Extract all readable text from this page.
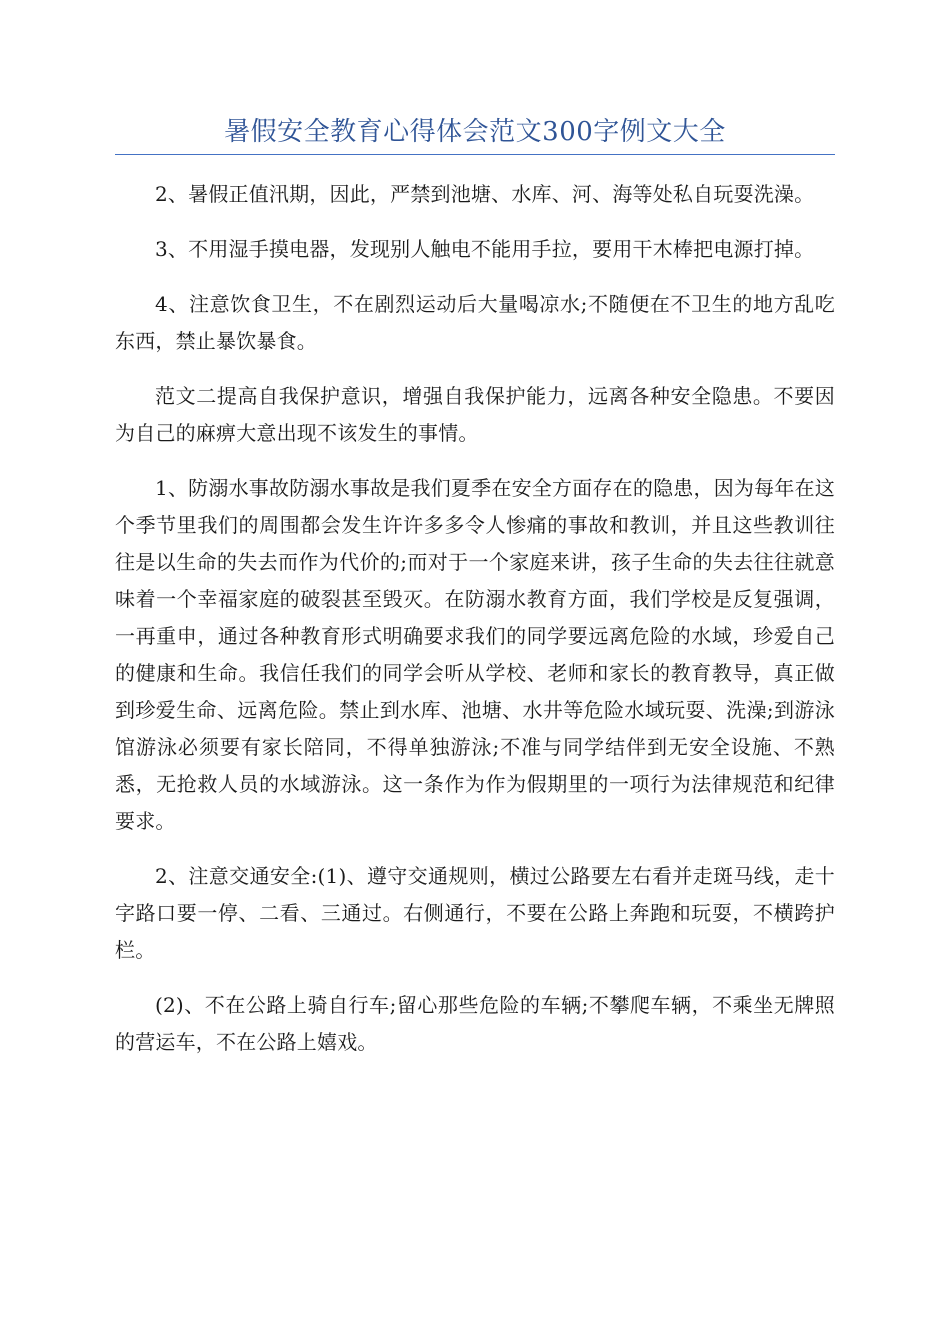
暑假安全教育心得体会范文300字例文大全

2、暑假正值汛期，因此，严禁到池塘、水库、河、海等处私自玩耍洗澡。

3、不用湿手摸电器，发现别人触电不能用手拉，要用干木棒把电源打掉。

4、注意饮食卫生，不在剧烈运动后大量喝凉水;不随便在不卫生的地方乱吃东西，禁止暴饮暴食。

范文二提高自我保护意识，增强自我保护能力，远离各种安全隐患。不要因为自己的麻痹大意出现不该发生的事情。

1、防溺水事故防溺水事故是我们夏季在安全方面存在的隐患，因为每年在这个季节里我们的周围都会发生许许多多令人惨痛的事故和教训，并且这些教训往往是以生命的失去而作为代价的;而对于一个家庭来讲，孩子生命的失去往往就意味着一个幸福家庭的破裂甚至毁灭。在防溺水教育方面，我们学校是反复强调，一再重申，通过各种教育形式明确要求我们的同学要远离危险的水域，珍爱自己的健康和生命。我信任我们的同学会听从学校、老师和家长的教育教导，真正做到珍爱生命、远离危险。禁止到水库、池塘、水井等危险水域玩耍、洗澡;到游泳馆游泳必须要有家长陪同，不得单独游泳;不准与同学结伴到无安全设施、不熟悉，无抢救人员的水域游泳。这一条作为作为假期里的一项行为法律规范和纪律要求。

2、注意交通安全:(1)、遵守交通规则，横过公路要左右看并走斑马线，走十字路口要一停、二看、三通过。右侧通行，不要在公路上奔跑和玩耍，不横跨护栏。

(2)、不在公路上骑自行车;留心那些危险的车辆;不攀爬车辆，不乘坐无牌照的营运车，不在公路上嬉戏。
